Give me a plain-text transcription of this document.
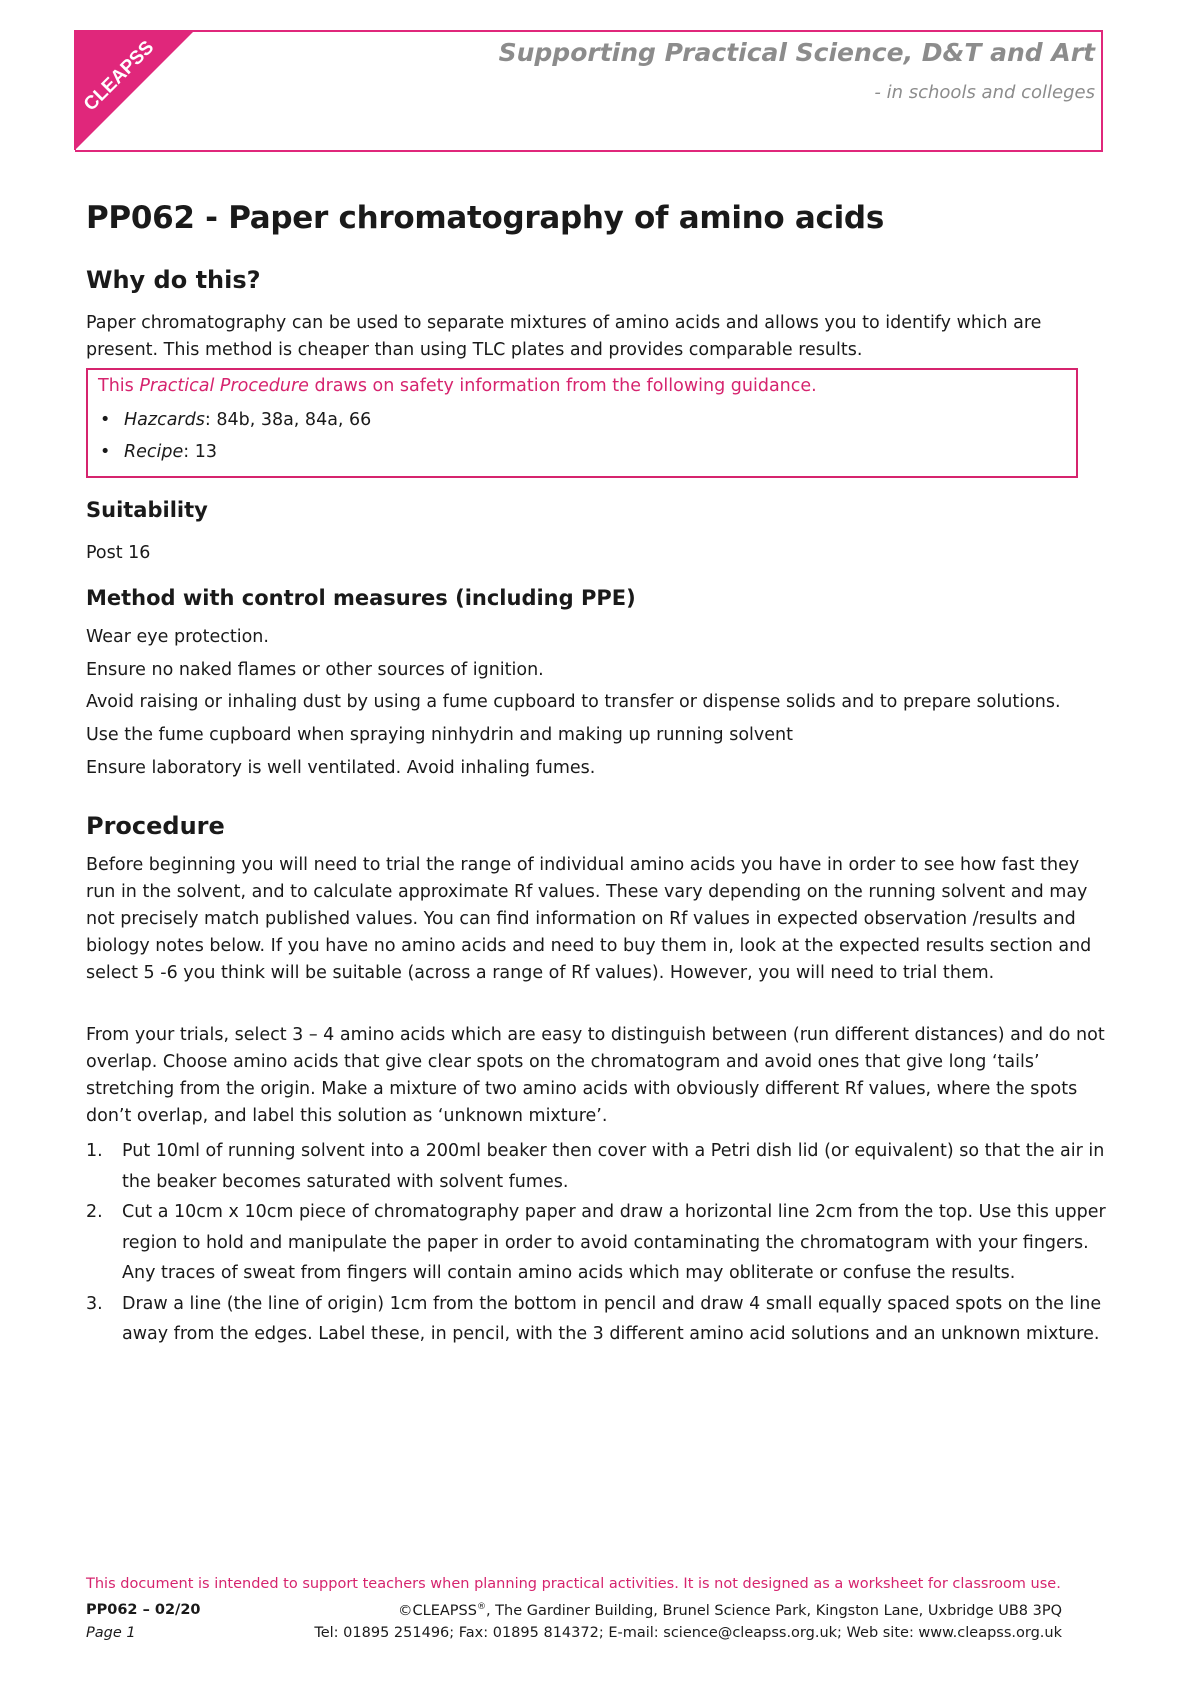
CLEAPSS	Supporting Practical Science, D&T and Art
- in schools and colleges
PP062 - Paper chromatography of amino acids
Why do this?

Paper chromatography can be used to separate mixtures of amino acids and allows you to identify which are present. This method is cheaper than using TLC plates and provides comparable results.

This Practical Procedure draws on safety information from the following guidance.
• Hazcards: 84b, 38a, 84a, 66
• Recipe: 13
Suitability

Post 16

Method with control measures (including PPE)
Wear eye protection.
Ensure no naked flames or other sources of ignition.
Avoid raising or inhaling dust by using a fume cupboard to transfer or dispense solids and to prepare solutions.
Use the fume cupboard when spraying ninhydrin and making up running solvent
Ensure laboratory is well ventilated. Avoid inhaling fumes.
Procedure

Before beginning you will need to trial the range of individual amino acids you have in order to see how fast they run in the solvent, and to calculate approximate Rf values. These vary depending on the running solvent and may not precisely match published values. You can find information on Rf values in expected observation /results and biology notes below. If you have no amino acids and need to buy them in, look at the expected results section and select 5 -6 you think will be suitable (across a range of Rf values). However, you will need to trial them.

From your trials, select 3 – 4 amino acids which are easy to distinguish between (run different distances) and do not overlap. Choose amino acids that give clear spots on the chromatogram and avoid ones that give long ‘tails’ stretching from the origin. Make a mixture of two amino acids with obviously different Rf values, where the spots don’t overlap, and label this solution as ‘unknown mixture’.

1. Put 10ml of running solvent into a 200ml beaker then cover with a Petri dish lid (or equivalent) so that the air in the beaker becomes saturated with solvent fumes.
2. Cut a 10cm x 10cm piece of chromatography paper and draw a horizontal line 2cm from the top. Use this upper region to hold and manipulate the paper in order to avoid contaminating the chromatogram with your fingers. Any traces of sweat from fingers will contain amino acids which may obliterate or confuse the results.
3. Draw a line (the line of origin) 1cm from the bottom in pencil and draw 4 small equally spaced spots on the line away from the edges. Label these, in pencil, with the 3 different amino acid solutions and an unknown mixture.
This document is intended to support teachers when planning practical activities. It is not designed as a worksheet for classroom use.
PP062 – 02/20
Page 1
©CLEAPSS®, The Gardiner Building, Brunel Science Park, Kingston Lane, Uxbridge UB8 3PQ
Tel: 01895 251496; Fax: 01895 814372; E-mail: science@cleapss.org.uk; Web site: www.cleapss.org.uk
